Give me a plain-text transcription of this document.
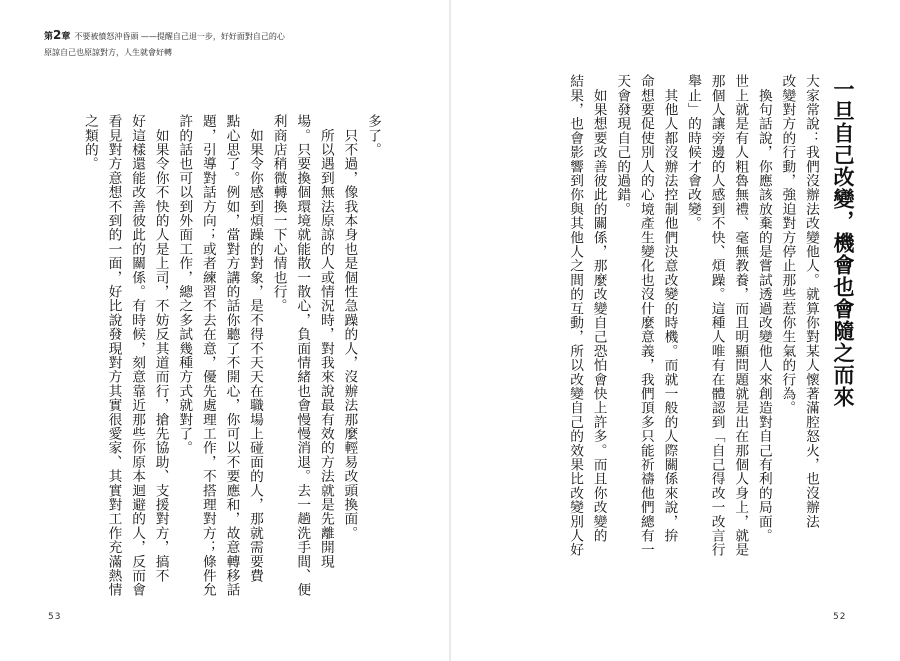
第2章 不要被憤怒沖昏頭 ——提醒自己退一步，好好面對自己的心
原諒自己也原諒對方，人生就會好轉
一旦自己改變，機會也會隨之而來
大家常說：我們沒辦法改變他人。就算你對某人懷著滿腔怒火，也沒辦法
改變對方的行動，強迫對方停止那些惹你生氣的行為。
　換句話說，你應該放棄的是嘗試透過改變他人來創造對自己有利的局面。
世上就是有人粗魯無禮、毫無教養，而且明顯問題就是出在那個人身上，就是
那個人讓旁邊的人感到不快、煩躁。這種人唯有在體認到「自己得改一改言行
舉止」的時候才會改變。
　其他人都沒辦法控制他們決意改變的時機。而就一般的人際關係來說，拚
命想要促使別人的心境產生變化也沒什麼意義，我們頂多只能祈禱他們總有一
天會發現自己的過錯。
　如果想要改善彼此的關係，那麼改變自己恐怕會快上許多。而且你改變的
結果，也會影響到你與其他人之間的互動，所以改變自己的效果比改變別人好
多了。
　只不過，像我本身也是個性急躁的人，沒辦法那麼輕易改頭換面。
　所以遇到無法原諒的人或情況時，對我來說最有效的方法就是先離開現
場。只要換個環境就能散一散心，負面情緒也會慢慢消退。去一趟洗手間、便
利商店稍微轉換一下心情也行。
　如果令你感到煩躁的對象，是不得不天天在職場上碰面的人，那就需要費
點心思了。例如，當對方講的話你聽了不開心，你可以不要應和，故意轉移話
題，引導對話方向；或者練習不去在意，優先處理工作，不搭理對方；條件允
許的話也可以到外面工作，總之多試幾種方式就對了。
　如果令你不快的人是上司，不妨反其道而行，搶先協助、支援對方，搞不
好這樣還能改善彼此的關係。有時候，刻意靠近那些你原本迴避的人，反而會
看見對方意想不到的一面，好比說發現對方其實很愛家、其實對工作充滿熱情
之類的。
53	52
